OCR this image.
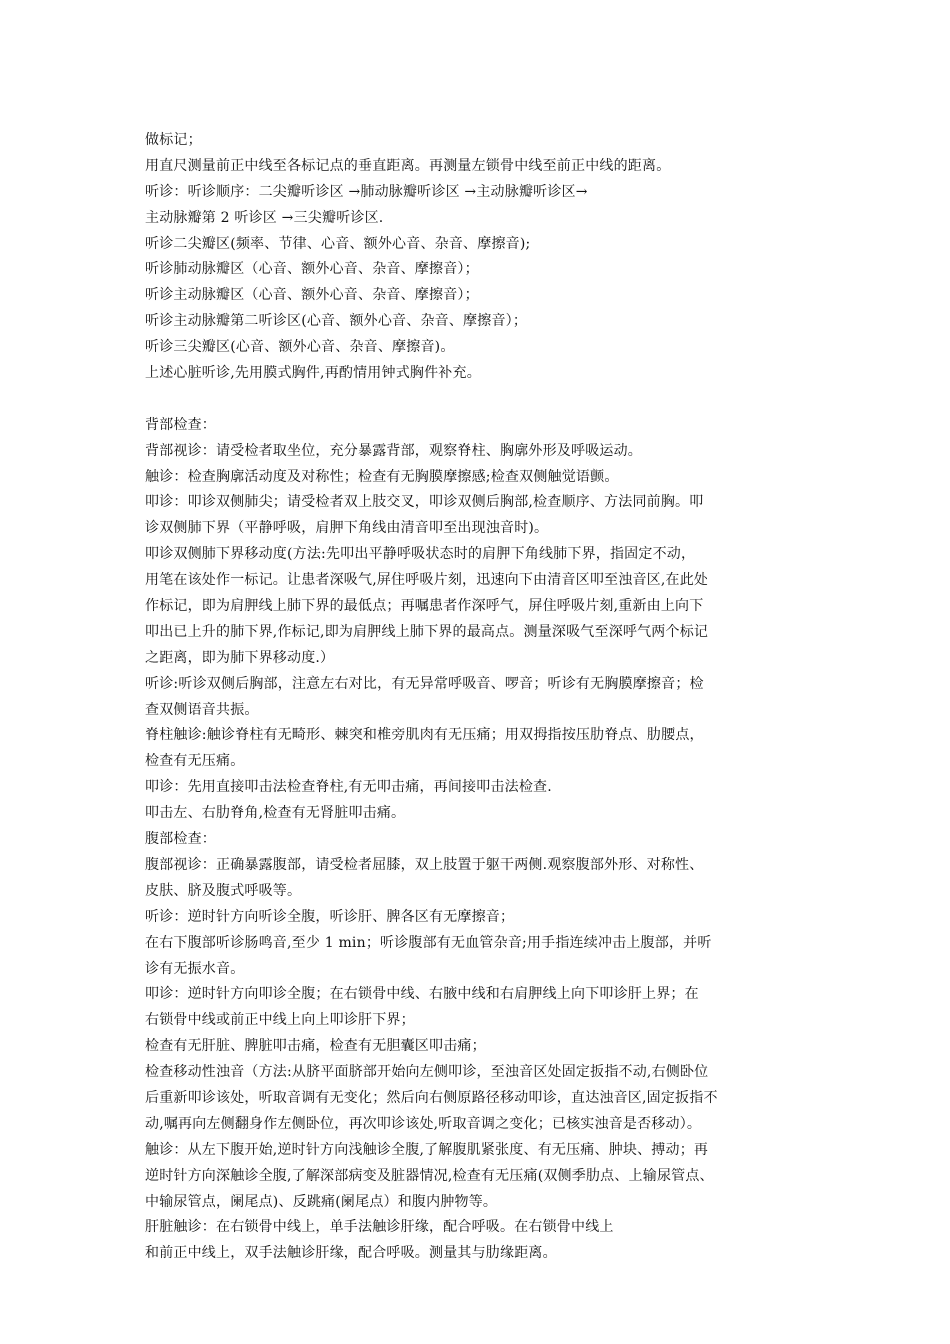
做标记；
用直尺测量前正中线至各标记点的垂直距离。再测量左锁骨中线至前正中线的距离。
听诊：听诊顺序：二尖瓣听诊区 →肺动脉瓣听诊区 →主动脉瓣听诊区→
主动脉瓣第 2 听诊区 →三尖瓣听诊区.
听诊二尖瓣区(频率、节律、心音、额外心音、杂音、摩擦音);
听诊肺动脉瓣区（心音、额外心音、杂音、摩擦音）；
听诊主动脉瓣区（心音、额外心音、杂音、摩擦音）；
听诊主动脉瓣第二听诊区(心音、额外心音、杂音、摩擦音）；
听诊三尖瓣区(心音、额外心音、杂音、摩擦音)。
上述心脏听诊,先用膜式胸件,再酌情用钟式胸件补充。
背部检查：
背部视诊：请受检者取坐位，充分暴露背部，观察脊柱、胸廓外形及呼吸运动。
触诊：检查胸廓活动度及对称性；检查有无胸膜摩擦感;检查双侧触觉语颤。
叩诊：叩诊双侧肺尖；请受检者双上肢交叉，叩诊双侧后胸部,检查顺序、方法同前胸。叩
诊双侧肺下界（平静呼吸，肩胛下角线由清音叩至出现浊音时)。
叩诊双侧肺下界移动度(方法:先叩出平静呼吸状态时的肩胛下角线肺下界，指固定不动，
用笔在该处作一标记。让患者深吸气,屏住呼吸片刻，迅速向下由清音区叩至浊音区,在此处
作标记，即为肩胛线上肺下界的最低点；再嘱患者作深呼气，屏住呼吸片刻,重新由上向下
叩出已上升的肺下界,作标记,即为肩胛线上肺下界的最高点。测量深吸气至深呼气两个标记
之距离，即为肺下界移动度.）
听诊:听诊双侧后胸部，注意左右对比，有无异常呼吸音、啰音；听诊有无胸膜摩擦音；检
查双侧语音共振。
脊柱触诊:触诊脊柱有无畸形、棘突和椎旁肌肉有无压痛；用双拇指按压肋脊点、肋腰点，
检查有无压痛。
叩诊：先用直接叩击法检查脊柱,有无叩击痛，再间接叩击法检查.
叩击左、右肋脊角,检查有无肾脏叩击痛。
腹部检查：
腹部视诊：正确暴露腹部，请受检者屈膝，双上肢置于躯干两侧.观察腹部外形、对称性、
皮肤、脐及腹式呼吸等。
听诊：逆时针方向听诊全腹，听诊肝、脾各区有无摩擦音；
在右下腹部听诊肠鸣音,至少 1 min；听诊腹部有无血管杂音;用手指连续冲击上腹部，并听
诊有无振水音。
叩诊：逆时针方向叩诊全腹；在右锁骨中线、右腋中线和右肩胛线上向下叩诊肝上界；在
右锁骨中线或前正中线上向上叩诊肝下界；
检查有无肝脏、脾脏叩击痛，检查有无胆囊区叩击痛；
检查移动性浊音（方法:从脐平面脐部开始向左侧叩诊，至浊音区处固定扳指不动,右侧卧位
后重新叩诊该处，听取音调有无变化；然后向右侧原路径移动叩诊，直达浊音区,固定扳指不
动,嘱再向左侧翻身作左侧卧位，再次叩诊该处,听取音调之变化；已核实浊音是否移动）。
触诊：从左下腹开始,逆时针方向浅触诊全腹,了解腹肌紧张度、有无压痛、肿块、搏动；再
逆时针方向深触诊全腹,了解深部病变及脏器情况,检查有无压痛(双侧季肋点、上输尿管点、
中输尿管点，阑尾点)、反跳痛(阑尾点）和腹内肿物等。
肝脏触诊：在右锁骨中线上，单手法触诊肝缘，配合呼吸。在右锁骨中线上
和前正中线上，双手法触诊肝缘，配合呼吸。测量其与肋缘距离。
